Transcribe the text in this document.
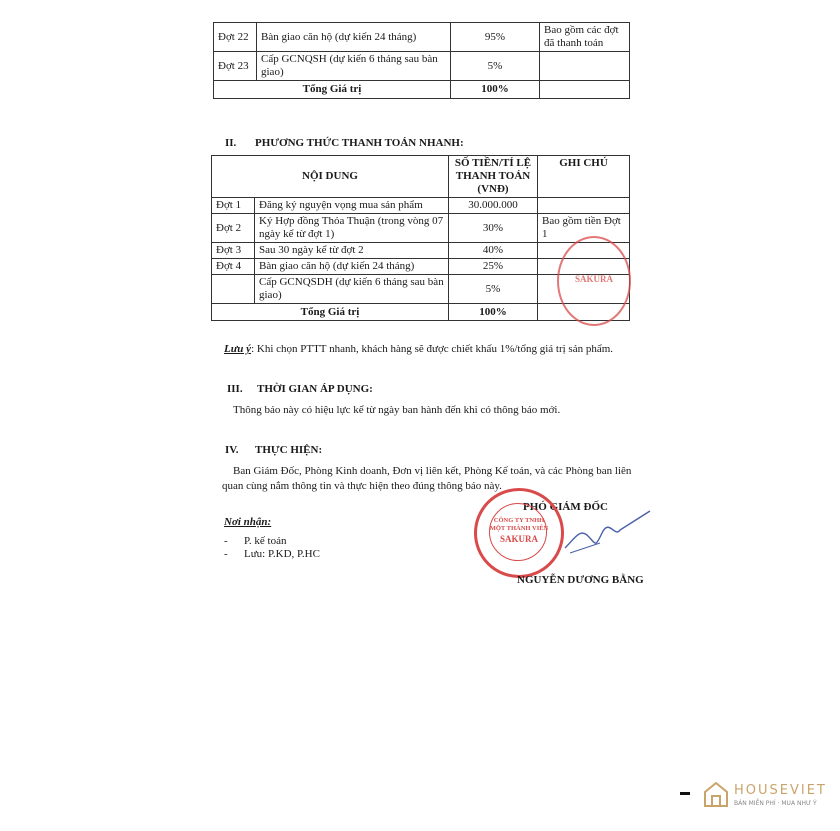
Đợt 22	Bàn giao căn hộ (dự kiến 24 tháng)	95%	Bao gồm các đợt đã thanh toán
Đợt 23	Cấp GCNQSH (dự kiến 6 tháng sau bàn giao)	5%	
Tổng Giá trị		100%	
II. PHƯƠNG THỨC THANH TOÁN NHANH:
NỘI DUNG		SỐ TIỀN/TỈ LỆ THANH TOÁN (VNĐ)	GHI CHÚ
Đợt 1	Đăng ký nguyện vọng mua sản phẩm	30.000.000	
Đợt 2	Ký Hợp đồng Thỏa Thuận (trong vòng 07 ngày kể từ đợt 1)	30%	Bao gồm tiền Đợt 1
Đợt 3	Sau 30 ngày kể từ đợt 2	40%	
Đợt 4	Bàn giao căn hộ (dự kiến 24 tháng)	25%	
	Cấp GCNQSDH (dự kiến 6 tháng sau bàn giao)	5%	
Tổng Giá trị		100%	
SAKURA
Lưu ý: Khi chọn PTTT nhanh, khách hàng sẽ được chiết khấu 1%/tổng giá trị sản phẩm.
III. THỜI GIAN ÁP DỤNG:
Thông báo này có hiệu lực kể từ ngày ban hành đến khi có thông báo mới.
IV. THỰC HIỆN:
Ban Giám Đốc, Phòng Kinh doanh, Đơn vị liên kết, Phòng Kế toán, và các Phòng ban liên
quan cùng nắm thông tin và thực hiện theo đúng thông báo này.
Nơi nhận:
- P. kế toán
- Lưu: P.KD, P.HC
PHÓ GIÁM ĐỐC
CÔNG TY TNHH
MỘT THÀNH VIÊN
SAKURA
NGUYỄN DƯƠNG BẰNG
HOUSEVIET
BÁN MIỄN PHÍ · MUA NHƯ Ý
